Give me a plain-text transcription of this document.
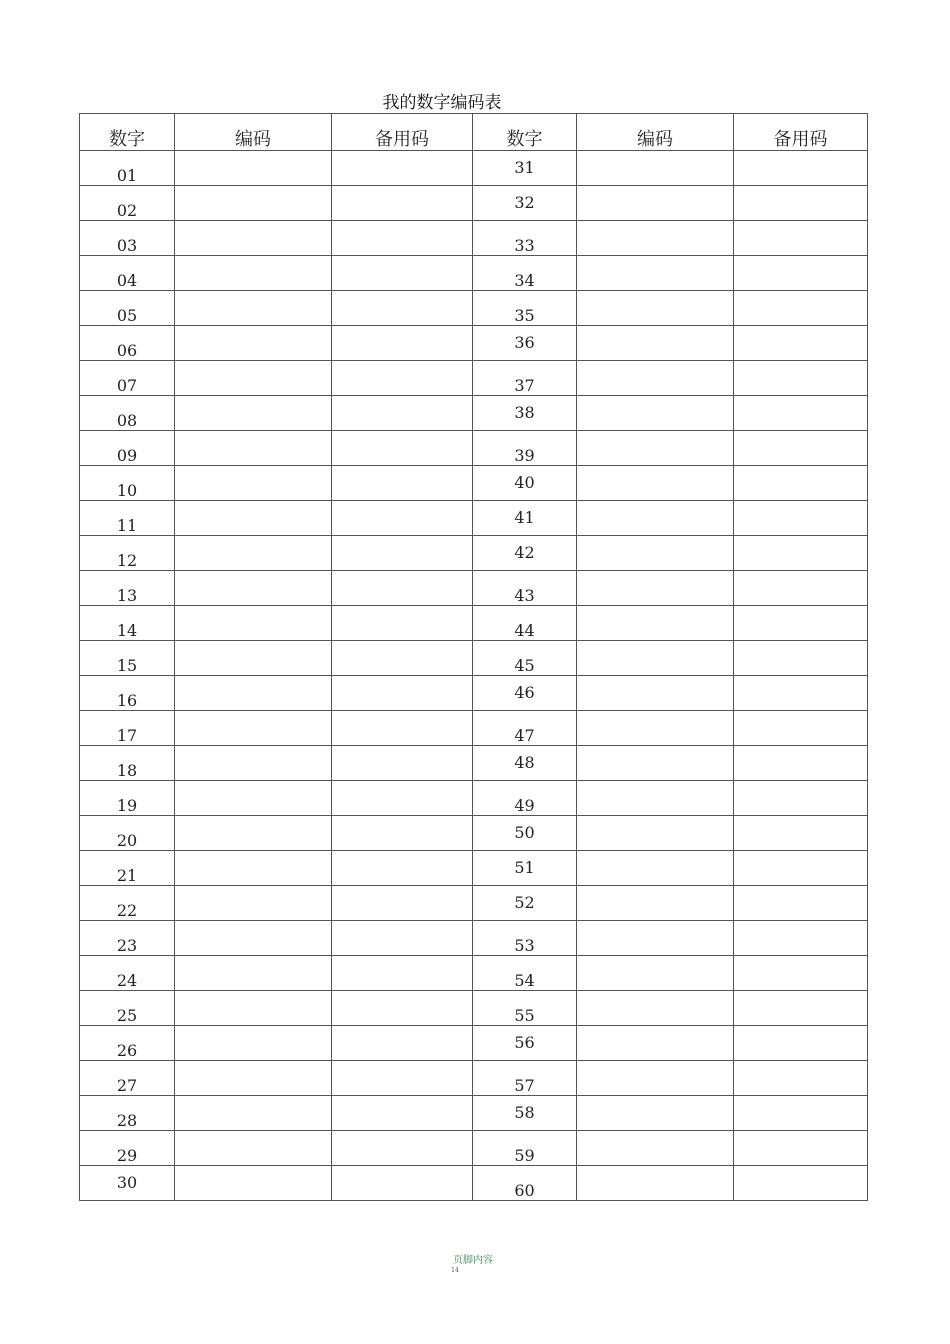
我的数字编码表
数字	编码	备用码	数字	编码	备用码
01			31		
02			32		
03			33		
04			34		
05			35		
06			36		
07			37		
08			38		
09			39		
10			40		
11			41		
12			42		
13			43		
14			44		
15			45		
16			46		
17			47		
18			48		
19			49		
20			50		
21			51		
22			52		
23			53		
24			54		
25			55		
26			56		
27			57		
28			58		
29			59		
30			60		
页脚内容
14
